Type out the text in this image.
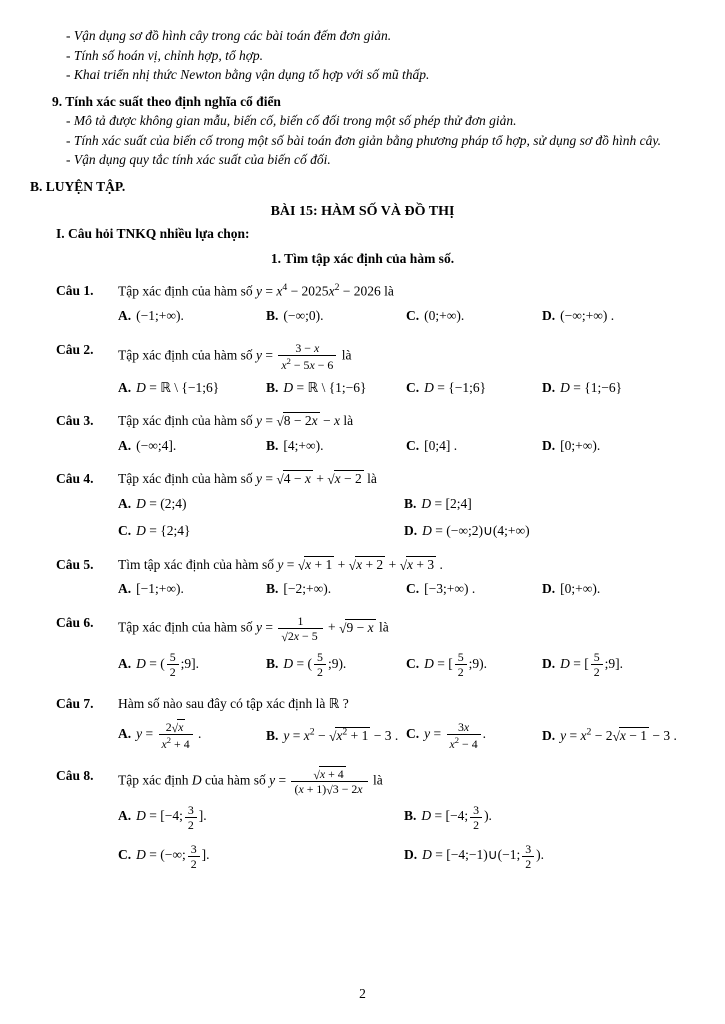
- Vận dụng sơ đồ hình cây trong các bài toán đếm đơn giản.

- Tính số hoán vị, chỉnh hợp, tổ hợp.

- Khai triển nhị thức Newton bằng vận dụng tổ hợp với số mũ thấp.

9. Tính xác suất theo định nghĩa cổ điển

- Mô tả được không gian mẫu, biến cố, biến cố đối trong một số phép thử đơn giản.

- Tính xác suất của biến cố trong một số bài toán đơn giản bằng phương pháp tổ hợp, sử dụng sơ đồ hình cây.

- Vận dụng quy tắc tính xác suất của biến cố đối.

B. LUYỆN TẬP.

BÀI 15: HÀM SỐ VÀ ĐỒ THỊ

I. Câu hỏi TNKQ nhiều lựa chọn:

1. Tìm tập xác định của hàm số.
Câu 1.	Tập xác định của hàm số $y = x^4 - 2025x^2 - 2026$ là
A. (−1;+∞).	B. (−∞;0).	C. (0;+∞).	D. (−∞;+∞) .
Câu 2.	Tập xác định của hàm số $y = \frac{3 - x}{x^2 - 5x - 6}$ là
A. D = ℝ \ {−1;6}	B. D = ℝ \ {1;−6}	C. D = {−1;6}	D. D = {1;−6}
Câu 3.	Tập xác định của hàm số y = √8 − 2x − x là
A. (−∞;4].	B. [4;+∞).	C. [0;4] .	D. [0;+∞).
Câu 4.	Tập xác định của hàm số y = √4 − x + √x − 2 là
A. D = (2;4)	B. D = [2;4]
C. D = {2;4}	D. D = (−∞;2)∪(4;+∞)
Câu 5.	Tìm tập xác định của hàm số y = √x + 1 + √x + 2 + √x + 3 .
A. [−1;+∞).	B. [−2;+∞).	C. [−3;+∞) .	D. [0;+∞).
Câu 6.	Tập xác định của hàm số $y = \frac{1}{√2x - 5} + √9 - x$ là
A. D = ( $\frac{5}{2}$ ;9].	B. D = ( $\frac{5}{2}$ ;9).	C. D = [ $\frac{5}{2}$ ;9).	D. D = [ $\frac{5}{2}$ ;9].
Câu 7.	Hàm số nào sau đây có tập xác định là ℝ ?
A. $y = \frac{2√x}{x^2 + 4}$ .	B. $y = x^2 - √x^2 + 1 - 3$ . C. $y = \frac{3x}{x^2 - 4}$ .	D. $y = x^2 - 2√x - 1 - 3$ .
Câu 8.	Tập xác định D của hàm số $y = \frac{√x + 4}{(x + 1)√3 - 2x}$ là
A. D = [−4; $\frac{3}{2}$ ].	B. D = [−4; $\frac{3}{2}$ ).
C. D = (−∞; $\frac{3}{2}$ ].	D. D = [−4;−1)∪(−1; $\frac{3}{2}$ ).
2
